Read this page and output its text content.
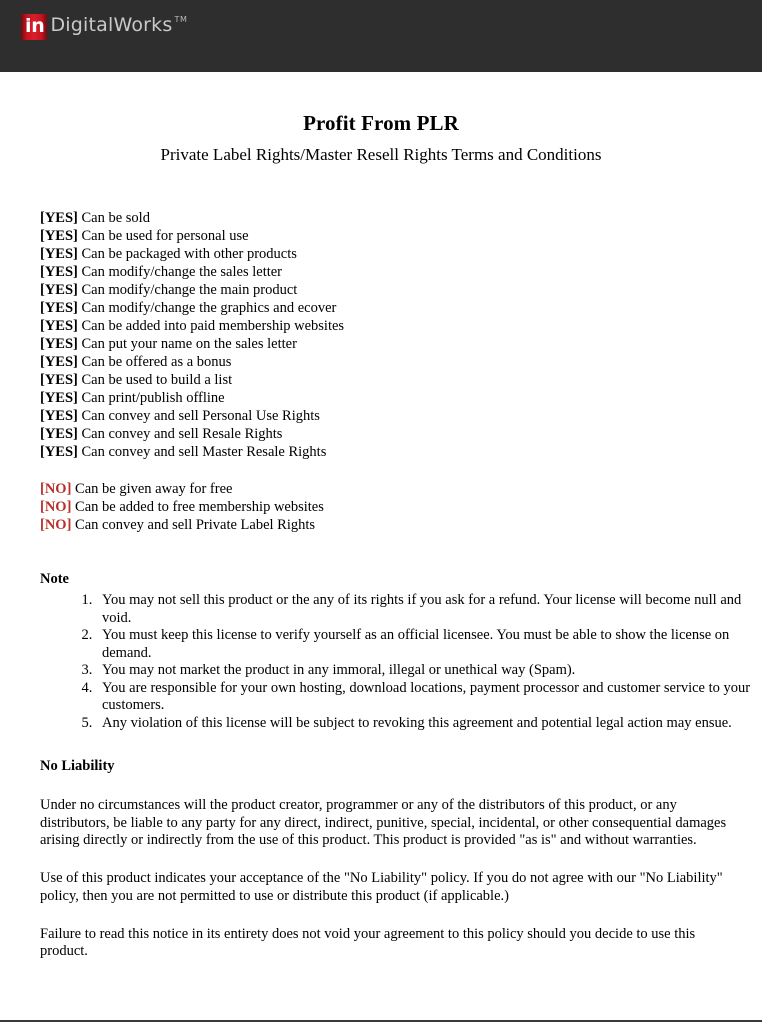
in DigitalWorks TM
Profit From PLR
Private Label Rights/Master Resell Rights Terms and Conditions
[YES] Can be sold
[YES] Can be used for personal use
[YES] Can be packaged with other products
[YES] Can modify/change the sales letter
[YES] Can modify/change the main product
[YES] Can modify/change the graphics and ecover
[YES] Can be added into paid membership websites
[YES] Can put your name on the sales letter
[YES] Can be offered as a bonus
[YES] Can be used to build a list
[YES] Can print/publish offline
[YES] Can convey and sell Personal Use Rights
[YES] Can convey and sell Resale Rights
[YES] Can convey and sell Master Resale Rights
[NO] Can be given away for free
[NO] Can be added to free membership websites
[NO] Can convey and sell Private Label Rights
Note
1. You may not sell this product or the any of its rights if you ask for a refund. Your license will become null and void.
2. You must keep this license to verify yourself as an official licensee. You must be able to show the license on demand.
3. You may not market the product in any immoral, illegal or unethical way (Spam).
4. You are responsible for your own hosting, download locations, payment processor and customer service to your customers.
5. Any violation of this license will be subject to revoking this agreement and potential legal action may ensue.
No Liability

Under no circumstances will the product creator, programmer or any of the distributors of this product, or any distributors, be liable to any party for any direct, indirect, punitive, special, incidental, or other consequential damages arising directly or indirectly from the use of this product. This product is provided "as is" and without warranties.

Use of this product indicates your acceptance of the "No Liability" policy. If you do not agree with our "No Liability" policy, then you are not permitted to use or distribute this product (if applicable.)

Failure to read this notice in its entirety does not void your agreement to this policy should you decide to use this product.
